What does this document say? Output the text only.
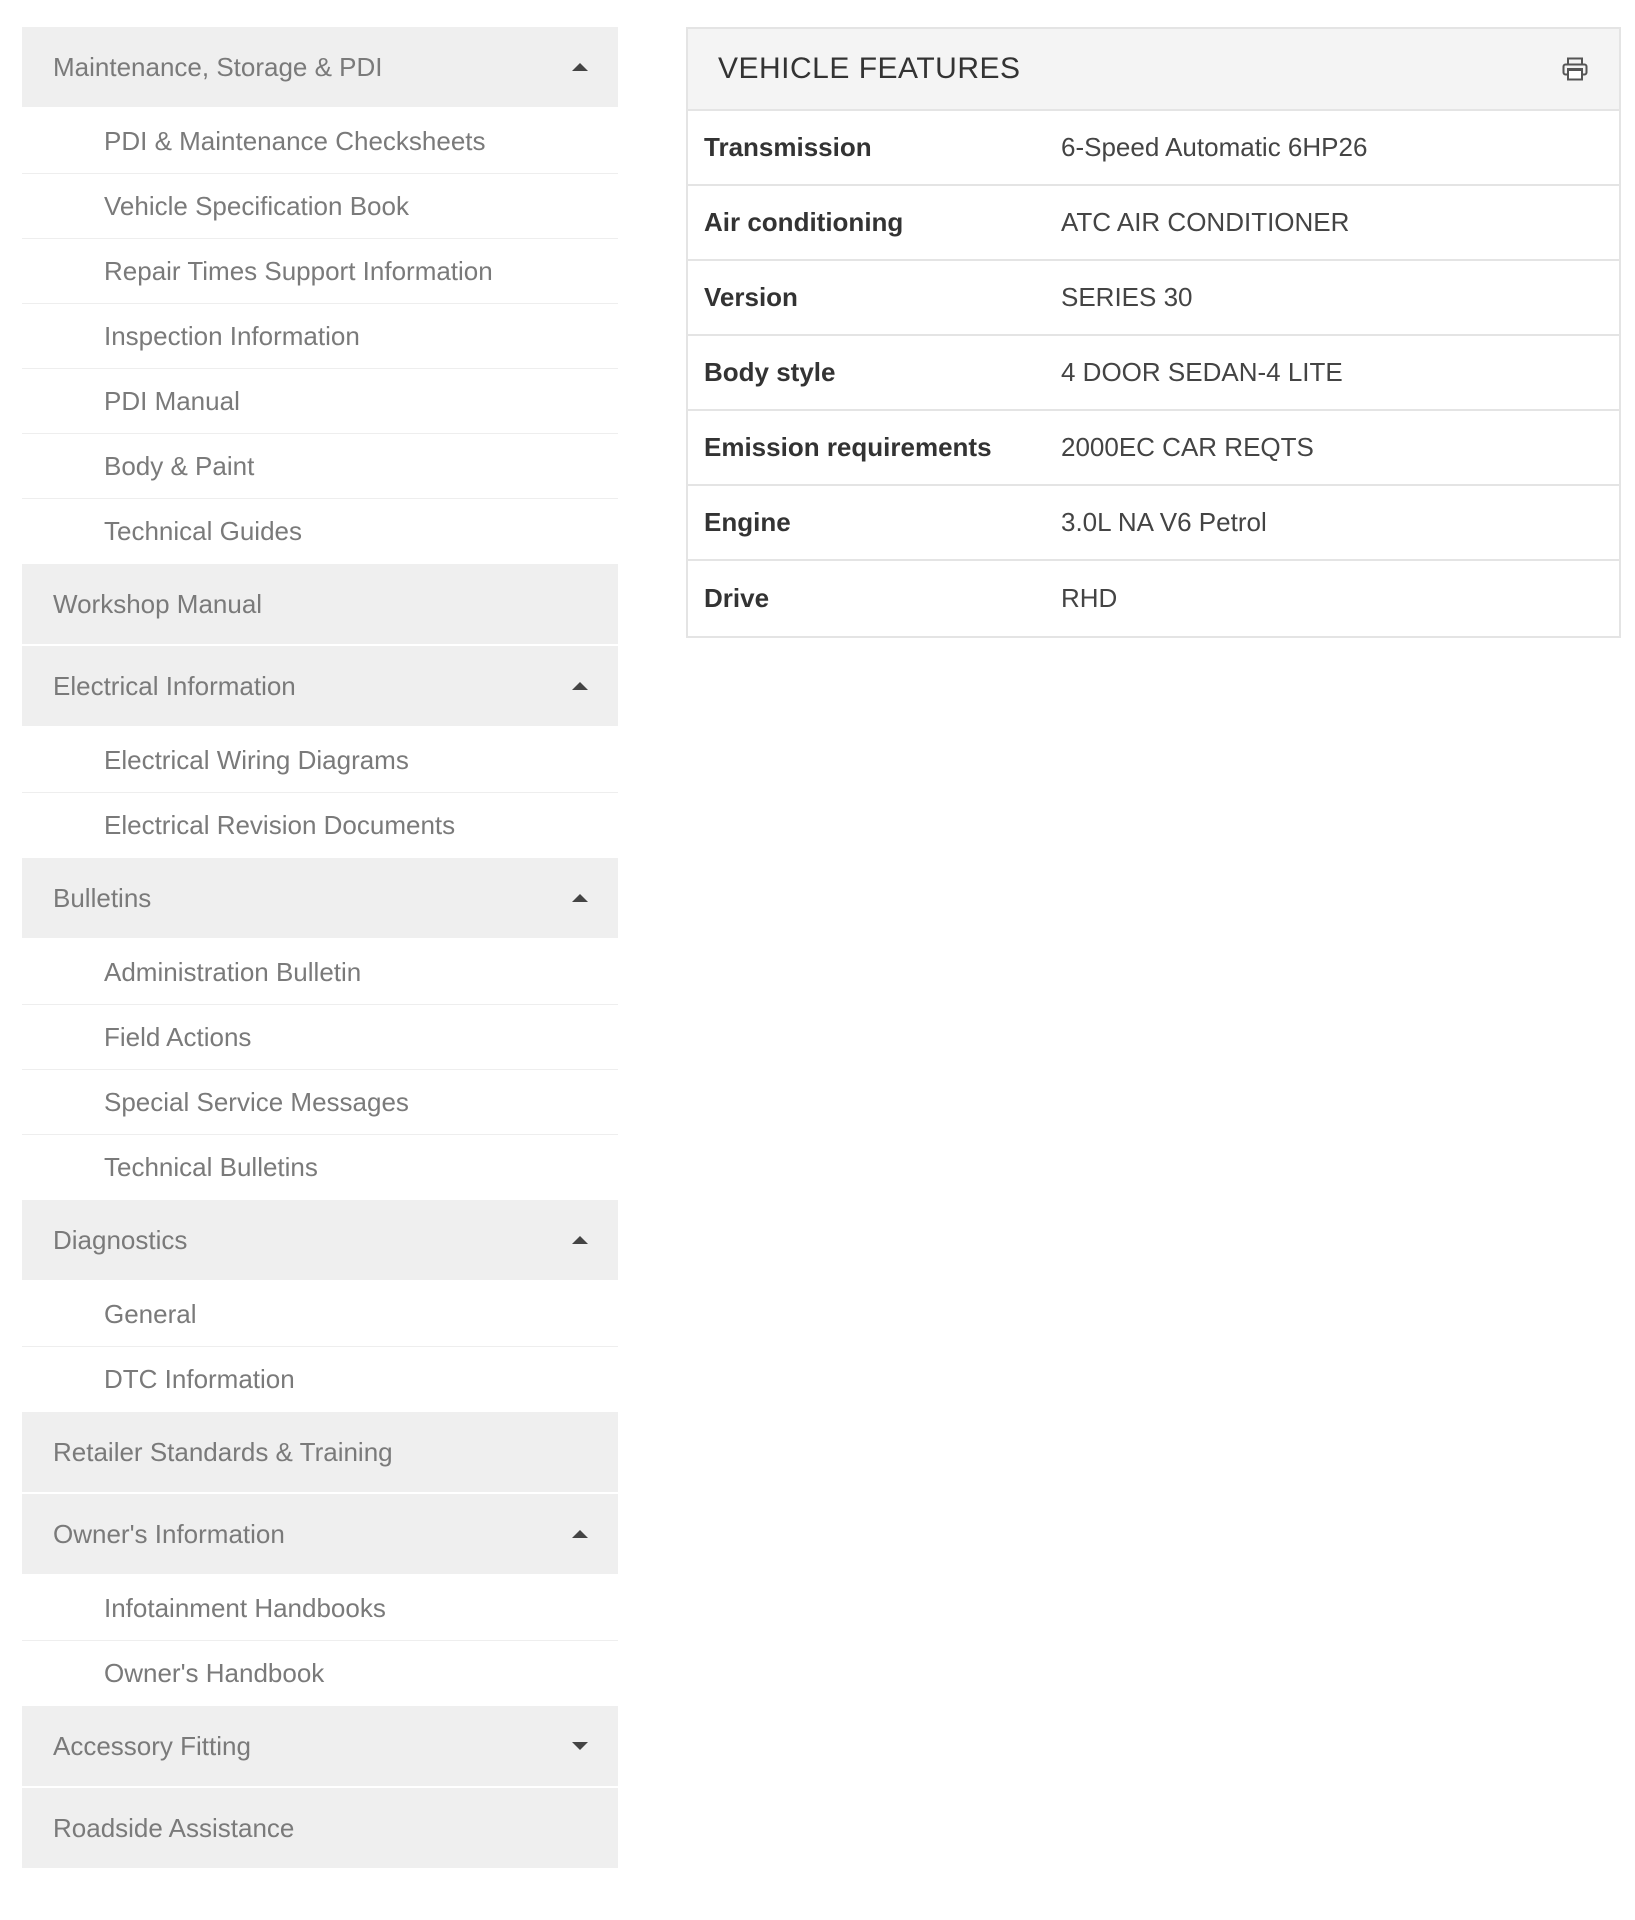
Maintenance, Storage & PDI
PDI & Maintenance Checksheets
Vehicle Specification Book
Repair Times Support Information
Inspection Information
PDI Manual
Body & Paint
Technical Guides
Workshop Manual
Electrical Information
Electrical Wiring Diagrams
Electrical Revision Documents
Bulletins
Administration Bulletin
Field Actions
Special Service Messages
Technical Bulletins
Diagnostics
General
DTC Information
Retailer Standards & Training
Owner's Information
Infotainment Handbooks
Owner's Handbook
Accessory Fitting
Roadside Assistance
VEHICLE FEATURES
Transmission	6-Speed Automatic 6HP26
Air conditioning	ATC AIR CONDITIONER
Version	SERIES 30
Body style	4 DOOR SEDAN-4 LITE
Emission requirements	2000EC CAR REQTS
Engine	3.0L NA V6 Petrol
Drive	RHD
